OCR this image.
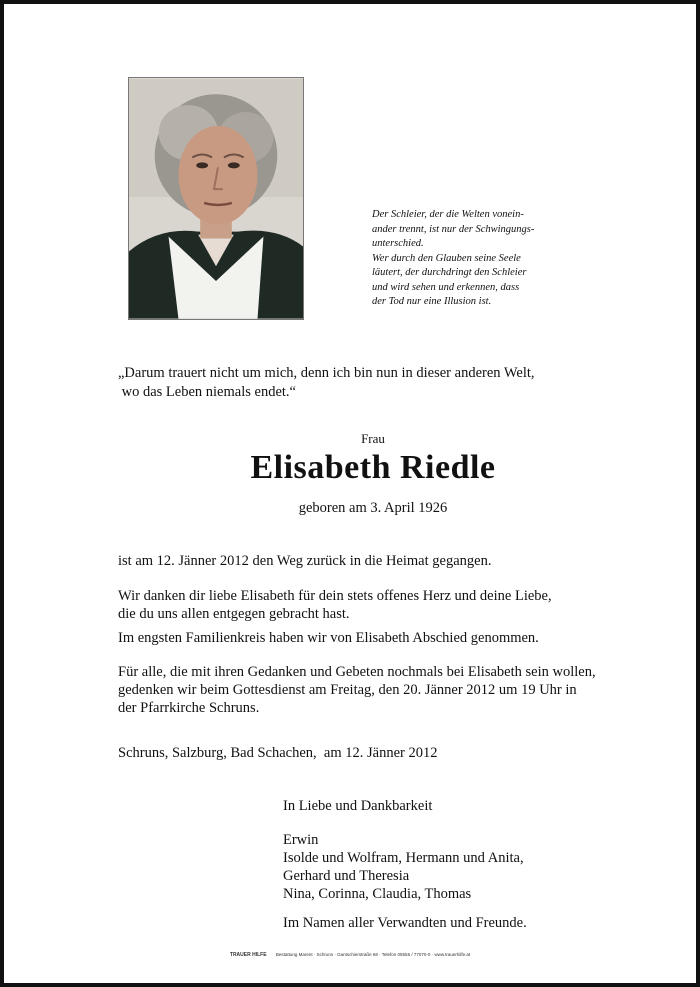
Der Schleier, der die Welten vonein-
ander trennt, ist nur der Schwingungs-
unterschied.
Wer durch den Glauben seine Seele
läutert, der durchdringt den Schleier
und wird sehen und erkennen, dass
der Tod nur eine Illusion ist.
„Darum trauert nicht um mich, denn ich bin nun in dieser anderen Welt,
wo das Leben niemals endet.“
Frau
Elisabeth Riedle
geboren am 3. April 1926
ist am 12. Jänner 2012 den Weg zurück in die Heimat gegangen.
Wir danken dir liebe Elisabeth für dein stets offenes Herz und deine Liebe,
die du uns allen entgegen gebracht hast.
Im engsten Familienkreis haben wir von Elisabeth Abschied genommen.
Für alle, die mit ihren Gedanken und Gebeten nochmals bei Elisabeth sein wollen,
gedenken wir beim Gottesdienst am Freitag, den 20. Jänner 2012 um 19 Uhr in
der Pfarrkirche Schruns.
Schruns, Salzburg, Bad Schachen,  am 12. Jänner 2012
In Liebe und Dankbarkeit
Erwin
Isolde und Wolfram, Hermann und Anita,
Gerhard und Theresia
Nina, Corinna, Claudia, Thomas
Im Namen aller Verwandten und Freunde.
TRAUER HILFE Bestattung Marent · Schruns · Gantschierstraße 68 · Telefon 05556 / 77070-0 · www.trauerhilfe.at
